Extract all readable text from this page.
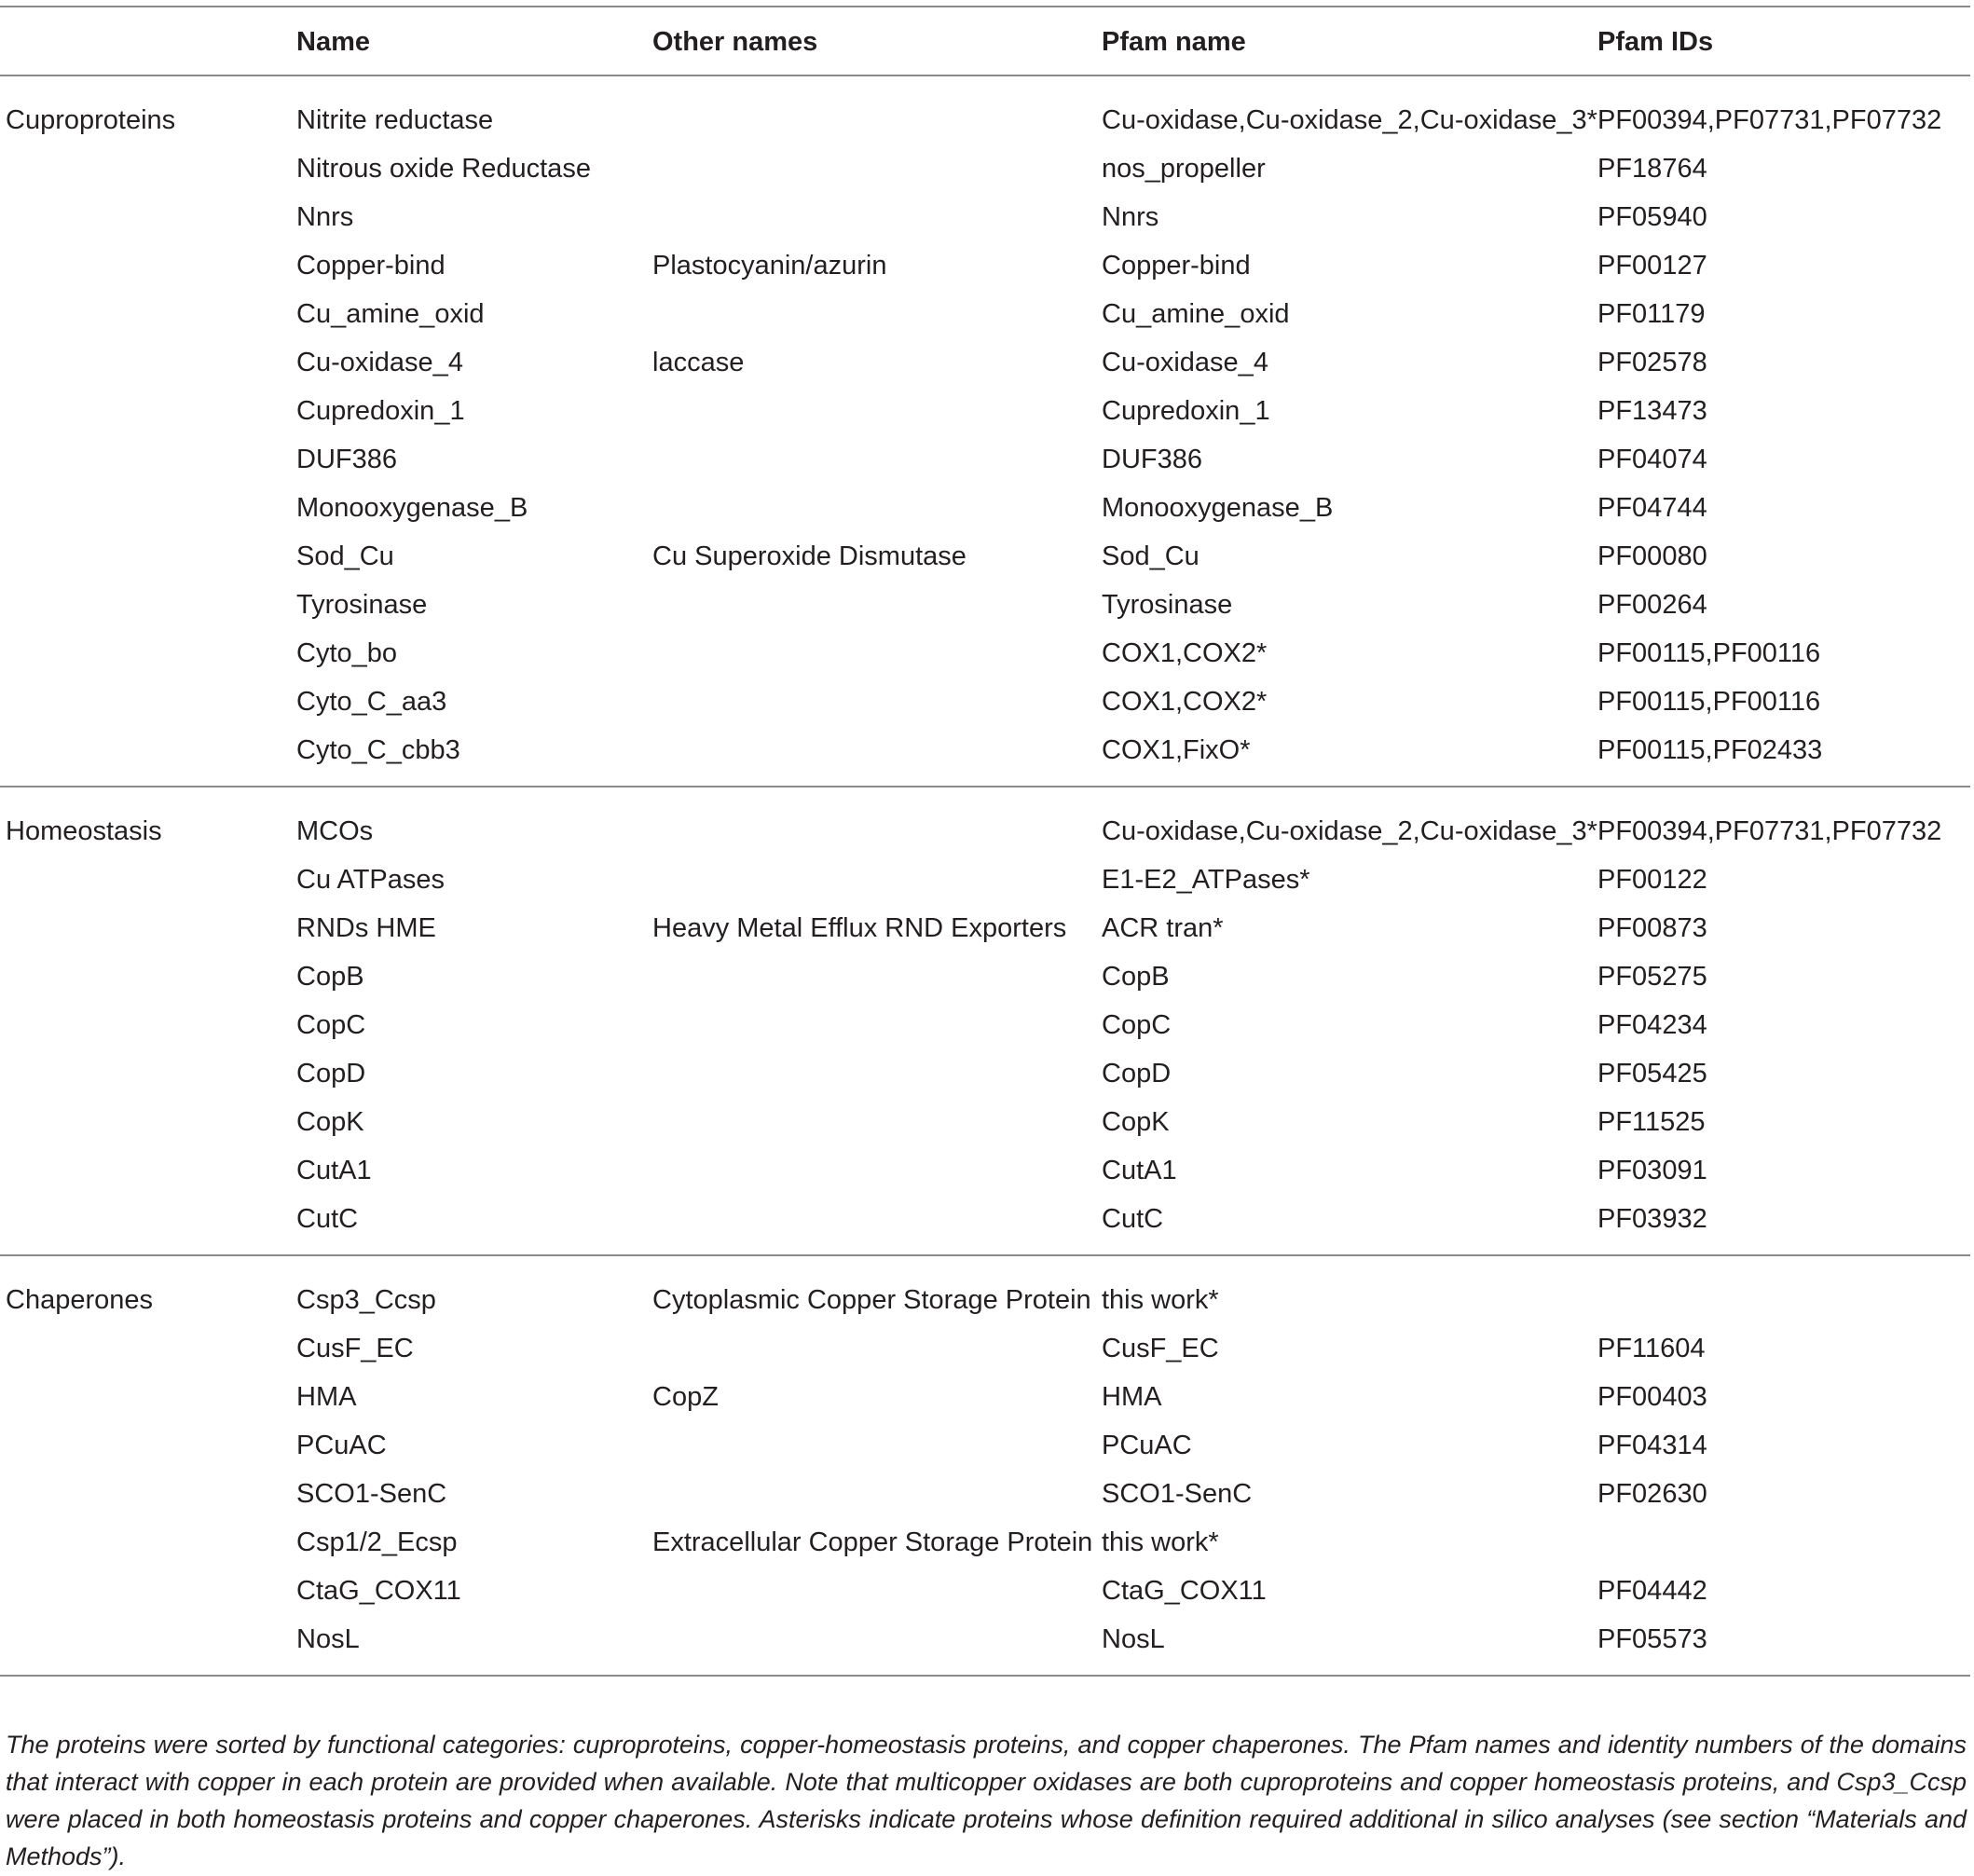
	Name	Other names	Pfam name	Pfam IDs
Cuproproteins	Nitrite reductase		Cu-oxidase,Cu-oxidase_2,Cu-oxidase_3*	PF00394,PF07731,PF07732
	Nitrous oxide Reductase		nos_propeller	PF18764
	Nnrs		Nnrs	PF05940
	Copper-bind	Plastocyanin/azurin	Copper-bind	PF00127
	Cu_amine_oxid		Cu_amine_oxid	PF01179
	Cu-oxidase_4	laccase	Cu-oxidase_4	PF02578
	Cupredoxin_1		Cupredoxin_1	PF13473
	DUF386		DUF386	PF04074
	Monooxygenase_B		Monooxygenase_B	PF04744
	Sod_Cu	Cu Superoxide Dismutase	Sod_Cu	PF00080
	Tyrosinase		Tyrosinase	PF00264
	Cyto_bo		COX1,COX2*	PF00115,PF00116
	Cyto_C_aa3		COX1,COX2*	PF00115,PF00116
	Cyto_C_cbb3		COX1,FixO*	PF00115,PF02433
Homeostasis	MCOs		Cu-oxidase,Cu-oxidase_2,Cu-oxidase_3*	PF00394,PF07731,PF07732
	Cu ATPases		E1-E2_ATPases*	PF00122
	RNDs HME	Heavy Metal Efflux RND Exporters	ACR tran*	PF00873
	CopB		CopB	PF05275
	CopC		CopC	PF04234
	CopD		CopD	PF05425
	CopK		CopK	PF11525
	CutA1		CutA1	PF03091
	CutC		CutC	PF03932
Chaperones	Csp3_Ccsp	Cytoplasmic Copper Storage Protein	this work*	
	CusF_EC		CusF_EC	PF11604
	HMA	CopZ	HMA	PF00403
	PCuAC		PCuAC	PF04314
	SCO1-SenC		SCO1-SenC	PF02630
	Csp1/2_Ecsp	Extracellular Copper Storage Protein	this work*	
	CtaG_COX11		CtaG_COX11	PF04442
	NosL		NosL	PF05573
The proteins were sorted by functional categories: cuproproteins, copper-homeostasis proteins, and copper chaperones. The Pfam names and identity numbers of the domains that interact with copper in each protein are provided when available. Note that multicopper oxidases are both cuproproteins and copper homeostasis proteins, and Csp3_Ccsp were placed in both homeostasis proteins and copper chaperones. Asterisks indicate proteins whose definition required additional in silico analyses (see section “Materials and Methods”).
